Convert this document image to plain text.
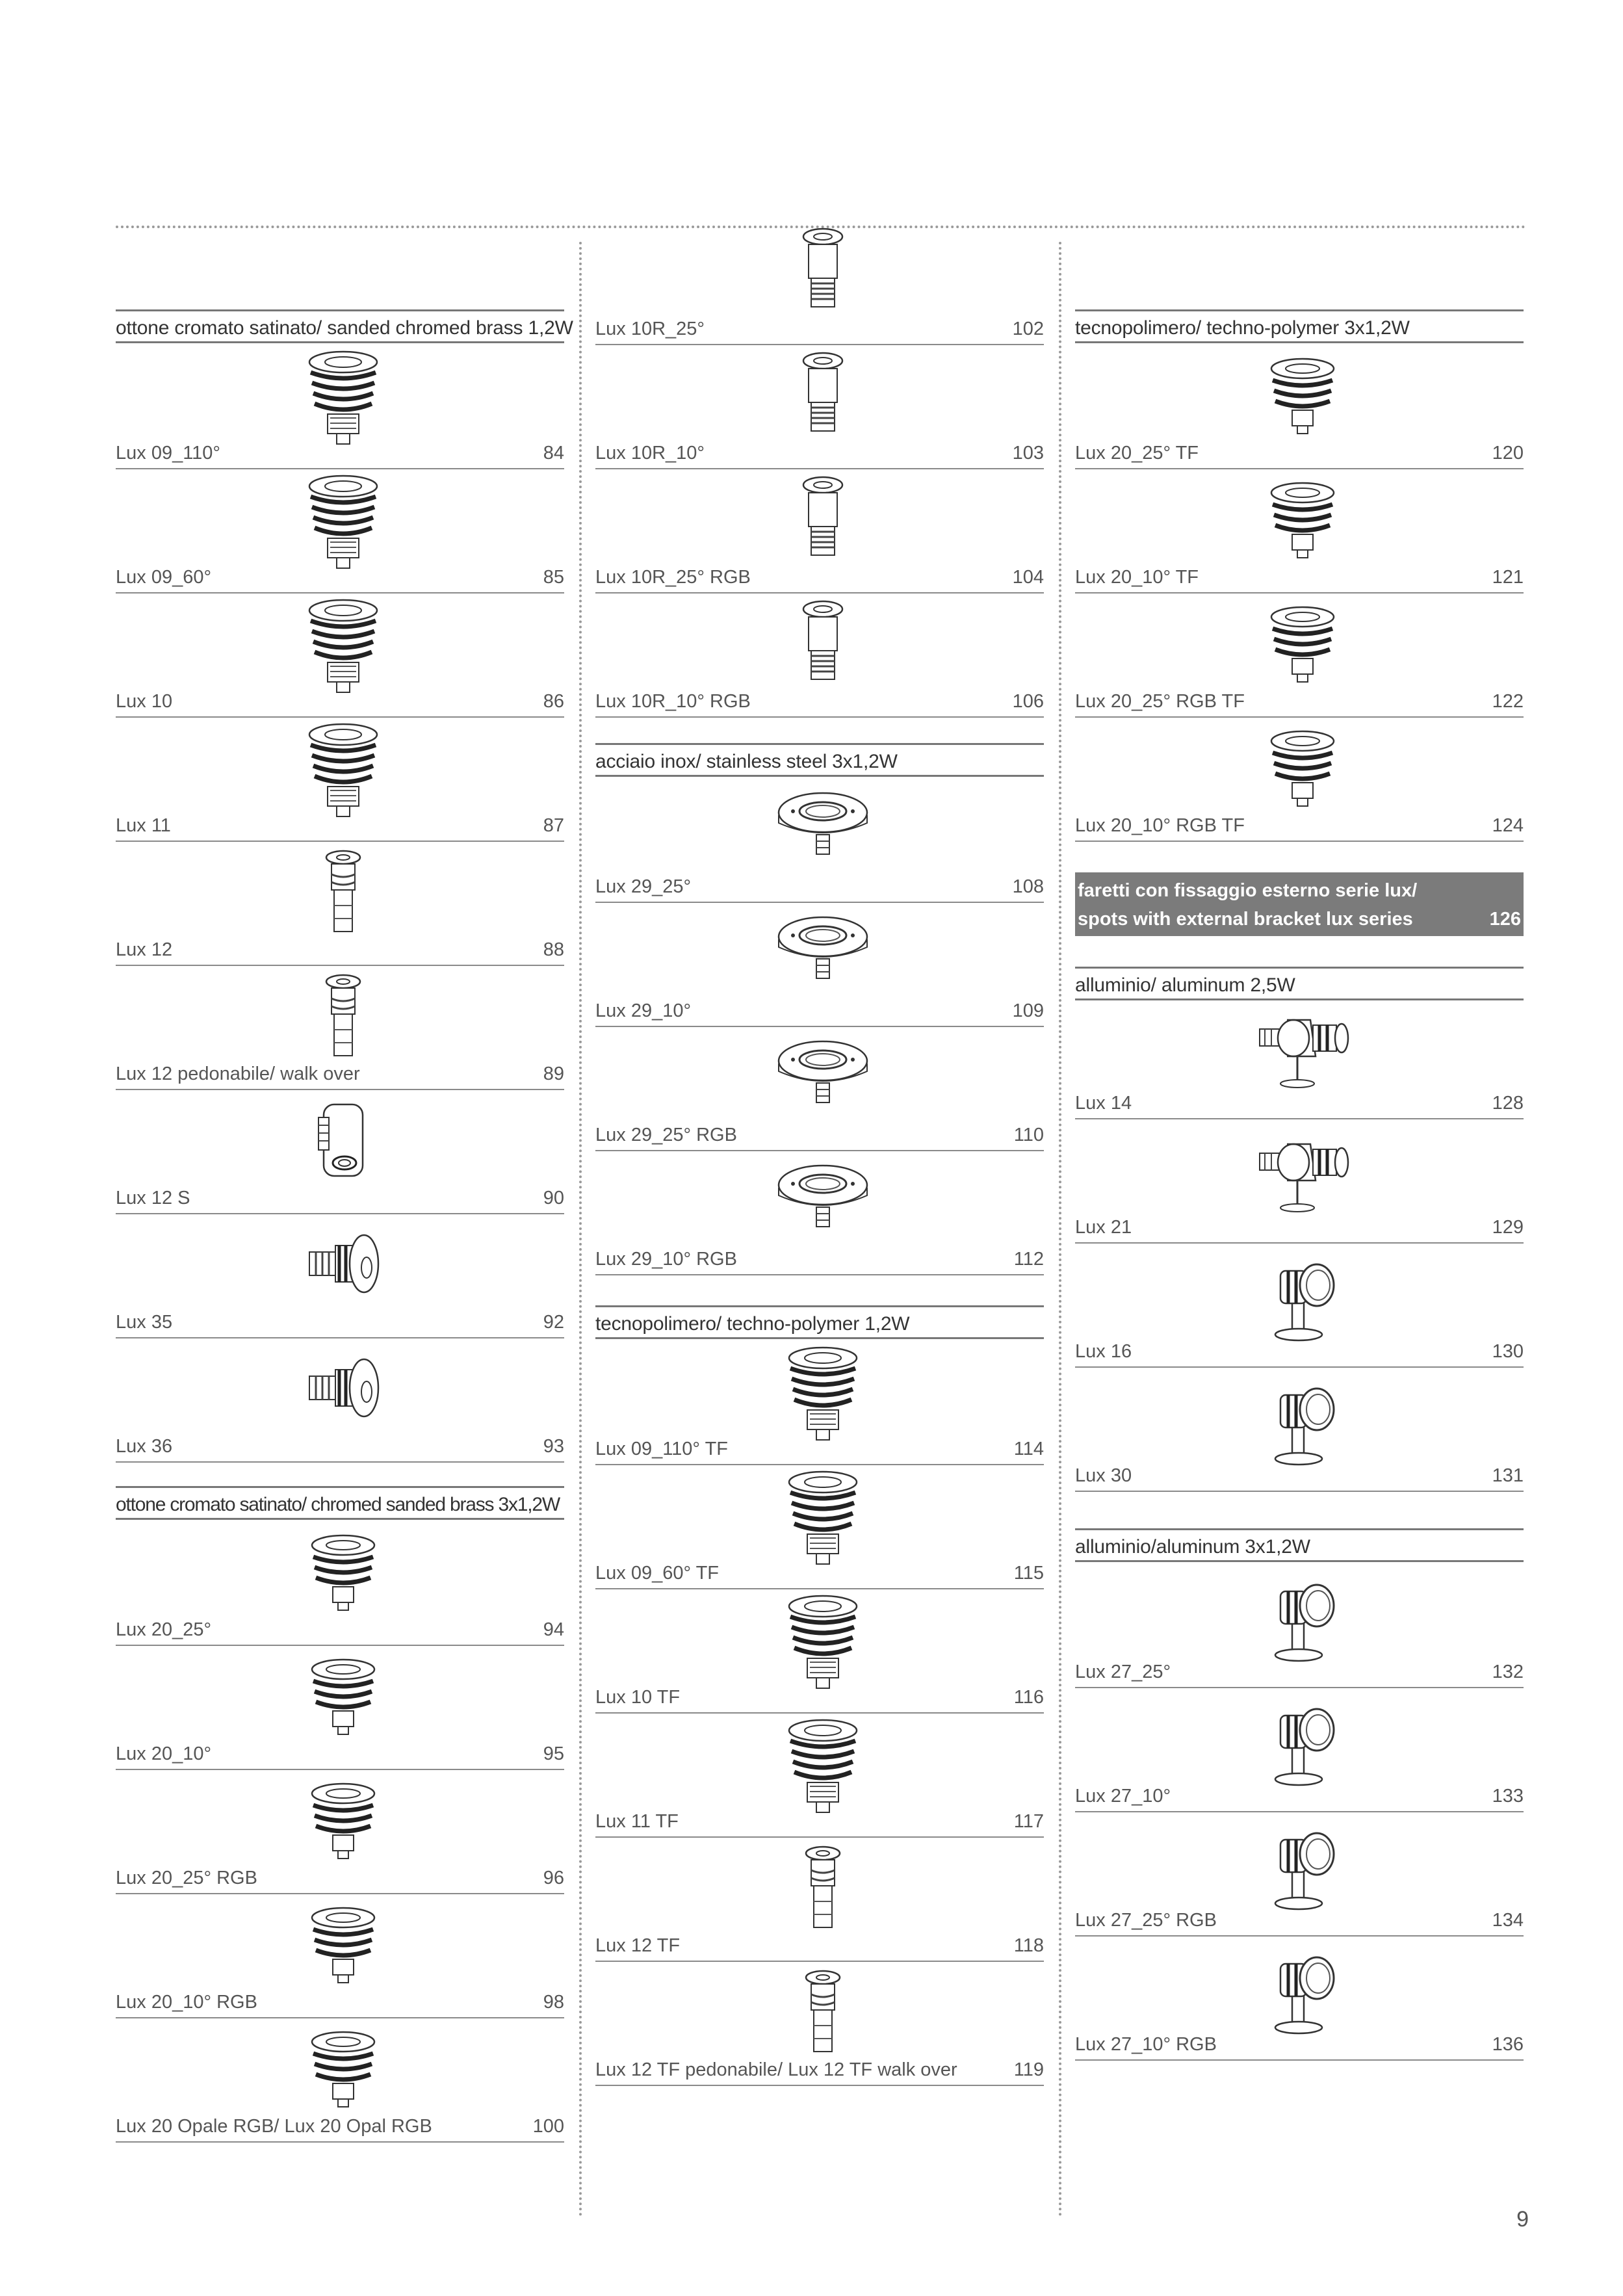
ottone cromato satinato/ sanded chromed brass 1,2W
Lux 09_110°	84
Lux 09_60°	85
Lux 10	86
Lux 11	87
Lux 12	88
Lux 12 pedonabile/ walk over	89
Lux 12 S	90
Lux 35	92
Lux 36	93
ottone cromato satinato/ chromed sanded brass 3x1,2W
Lux 20_25°	94
Lux 20_10°	95
Lux 20_25° RGB	96
Lux 20_10° RGB	98
Lux 20 Opale RGB/ Lux 20 Opal RGB	100
Lux 10R_25°	102
Lux 10R_10°	103
Lux 10R_25° RGB	104
Lux 10R_10° RGB	106
acciaio inox/ stainless steel 3x1,2W
Lux 29_25°	108
Lux 29_10°	109
Lux 29_25° RGB	110
Lux 29_10° RGB	112
tecnopolimero/ techno-polymer 1,2W
Lux 09_110° TF	114
Lux 09_60° TF	115
Lux 10 TF	116
Lux 11 TF	117
Lux 12 TF	118
Lux 12 TF pedonabile/ Lux 12 TF walk over	119
tecnopolimero/ techno-polymer 3x1,2W
Lux 20_25° TF	120
Lux 20_10° TF	121
Lux 20_25° RGB TF	122
Lux 20_10° RGB TF	124
faretti con fissaggio esterno serie lux/
spots with external bracket lux series	126
alluminio/ aluminum 2,5W
Lux 14	128
Lux 21	129
Lux 16	130
Lux 30	131
alluminio/aluminum 3x1,2W
Lux 27_25°	132
Lux 27_10°	133
Lux 27_25° RGB	134
Lux 27_10° RGB	136
9
